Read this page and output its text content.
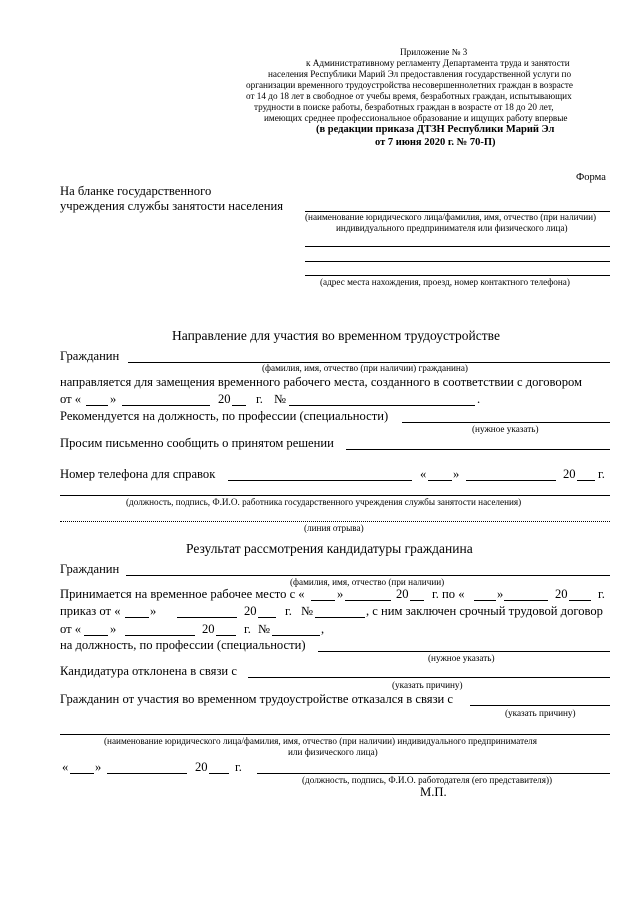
Приложение № 3
к Административному регламенту Департамента труда и занятости
населения Республики Марий Эл предоставления государственной услуги по
организации временного трудоустройства несовершеннолетних граждан в возрасте
от 14 до 18 лет в свободное от учебы время, безработных граждан, испытывающих
трудности в поиске работы, безработных граждан в возрасте от 18 до 20 лет,
имеющих среднее профессиональное образование и ищущих работу впервые
(в редакции приказа ДТЗН Республики Марий Эл
от 7 июня 2020 г. № 70-П)
Форма
На бланке государственного
учреждения службы занятости населения
(наименование юридического лица/фамилия, имя, отчество (при наличии)
индивидуального предпринимателя или физического лица)
(адрес места нахождения, проезд, номер контактного телефона)
Направление для участия во временном трудоустройстве
Гражданин
(фамилия, имя, отчество (при наличии) гражданина)
направляется для замещения временного рабочего места, созданного в соответствии с договором
от « »	20 г. №	.
Рекомендуется на должность, по профессии (специальности)
(нужное указать)
Просим письменно сообщить о принятом решении
Номер телефона для справок	« »	20 г.
(должность, подпись, Ф.И.О. работника государственного учреждения службы занятости населения)
(линия отрыва)
Результат рассмотрения кандидатуры гражданина
Гражданин
(фамилия, имя, отчество (при наличии)
Принимается на временное рабочее место с «	»	20 г. по «	»	20 г.
приказ от « »	20 г. №	, с ним заключен срочный трудовой договор
от « »	20 г. №	,
на должность, по профессии (специальности)
(нужное указать)
Кандидатура отклонена в связи с
(указать причину)
Гражданин от участия во временном трудоустройстве отказался в связи с
(указать причину)
(наименование юридического лица/фамилия, имя, отчество (при наличии) индивидуального предпринимателя
или физического лица)
« »	20 г.
(должность, подпись, Ф.И.О. работодателя (его представителя))
М.П.
